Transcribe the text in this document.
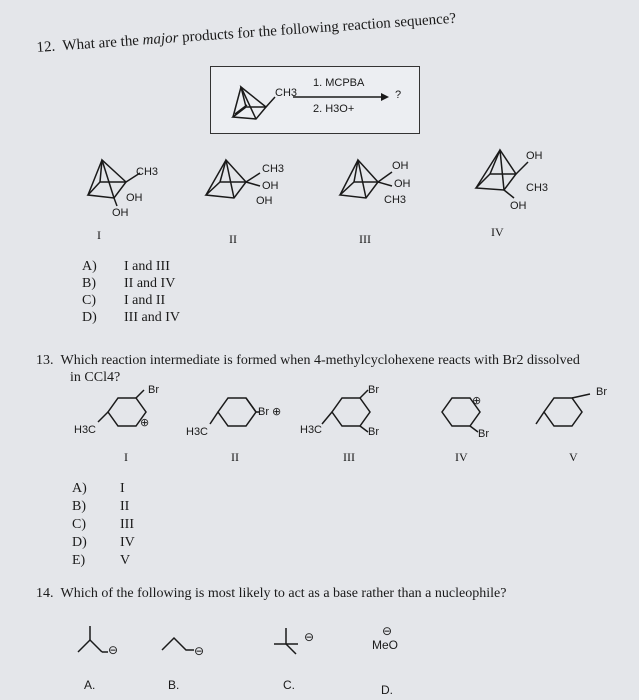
12. What are the major products for the following reaction sequence?
CH3
1. MCPBA
2. H3O+
?
CH3
OH
OH
CH3
OH
OH
OH
OH
CH3
OH
CH3
OH
I	II	III	IV
A) I and III
B) II and IV
C) I and II
D) III and IV
13. Which reaction intermediate is formed when 4-methylcyclohexene reacts with Br2 dissolved
in CCl4?
Br
H3C
⊕
Br ⊕
H3C
Br
H3C	Br
⊕
Br
Br
I	II	III	IV	V
A) I
B) II
C) III
D) IV
E) V
14. Which of the following is most likely to act as a base rather than a nucleophile?
⊖	⊖
⊖	⊖
MeO
A.	B.	C.	D.
